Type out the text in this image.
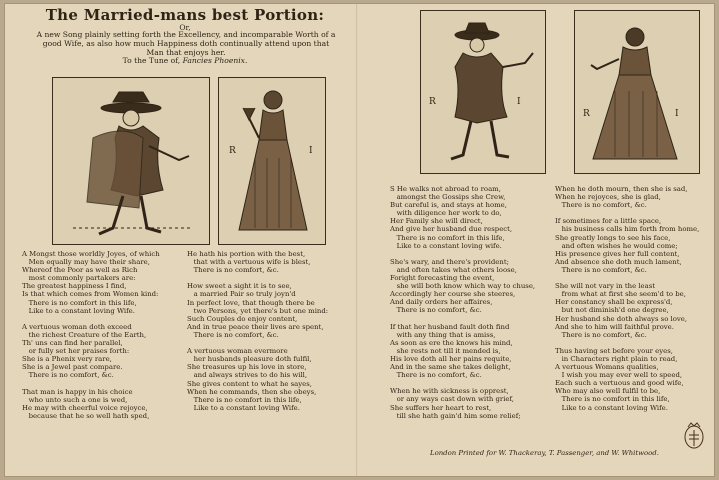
The Married-mans best Portion:
Or,
A new Song plainly setting forth the Excellency, and incomparable Worth of a good Wife, as also how much Happiness doth continually attend upon that Man that enjoys her.
To the Tune of, Fancies Phoenix.
R	I
R	I
R	I
A Mongst those worldly Joyes, of which
Men equally may have their share,
Whereof the Poor as well as Rich
most commonly partakers are:
The greatest happiness I find,
Is that which comes from Women kind:
There is no comfort in this life,
Like to a constant loving Wife.

A vertuous woman doth exceed
the richest Creature of the Earth,
Th' uns can find her parallel,
or fully set her praises forth:
She is a Phenix very rare,
She is a Jewel past compare.
There is no comfort, &c.

That man is happy in his choice
who unto such a one is wed,
He may with cheerful voice rejoyce,
because that he so well hath sped,
He hath his portion with the best,
that with a vertuous wife is blest,
There is no comfort, &c.

How sweet a sight it is to see,
a married Pair so truly joyn'd
In perfect love, that though there be
two Persons, yet there's but one mind:
Such Couples do enjoy content,
And in true peace their lives are spent,
There is no comfort, &c.

A vertuous woman evermore
her husbands pleasure doth fulfil,
She treasures up his love in store,
and always strives to do his will,
She gives content to what he sayes,
When he commands, then she obeys,
There is no comfort in this life,
Like to a constant loving Wife.
S He walks not abroad to roam,
amongst the Gossips she Crew,
But careful is, and stays at home,
with diligence her work to do,
Her Family she will direct,
And give her husband due respect,
There is no comfort in this life,
Like to a constant loving wife.

She's wary, and there's provident;
and often takes what others loose,
Foright forecasting the event,
she will both know which way to chuse,
Accordingly her course she steeres,
And daily orders her affaires,
There is no comfort, &c.

If that her husband fault doth find
with any thing that is amiss,
As soon as ere the knows his mind,
she rests not till it mended is,
His love doth all her pains requite,
And in the same she takes delight,
There is no comfort, &c.

When he with sickness is opprest,
or any ways cast down with grief,
She suffers her heart to rest,
till she hath gain'd him some relief;
When he doth mourn, then she is sad,
When he rejoyces, she is glad,
There is no comfort, &c.

If sometimes for a little space,
his business calls him forth from home,
She greatly longs to see his face,
and often wishes he would come;
His presence gives her full content,
And absence she doth much lament,
There is no comfort, &c.

She will not vary in the least
from what at first she seem'd to be,
Her constancy shall be express'd,
but not diminish'd one degree,
Her husband she doth always so love,
And she to him will faithful prove.
There is no comfort, &c.

Thus having set before your eyes,
in Characters right plain to read,
A vertuous Womans qualities,
I wish you may ever well to speed,
Each such a vertuous and good wife,
Who may also well fulfil to be,
There is no comfort in this life,
Like to a constant loving Wife.
London Printed for W. Thackeray, T. Passenger, and W. Whitwood.
